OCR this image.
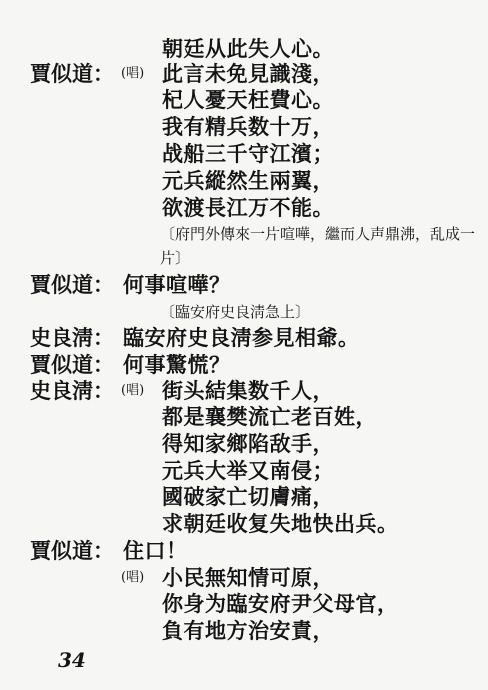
朝廷从此失人心。
賈似道： (唱) 此言未免見識淺，
杞人憂天枉費心。
我有精兵数十万，
战船三千守江濱；
元兵縱然生兩翼，
欲渡長江万不能。
〔府門外傳來一片喧嘩，繼而人声鼎沸，乱成一
片〕
賈似道： 何事喧嘩？
〔臨安府史良淸急上〕
史良淸： 臨安府史良淸参見相爺。
賈似道： 何事驚慌？
史良淸： (唱) 街头結集数千人，
都是襄樊流亡老百姓，
得知家鄉陷敌手，
元兵大举又南侵；
國破家亡切膚痛，
求朝廷收复失地快出兵。
賈似道： 住口！
(唱) 小民無知情可原，
你身为臨安府尹父母官，
負有地方治安責，
34
